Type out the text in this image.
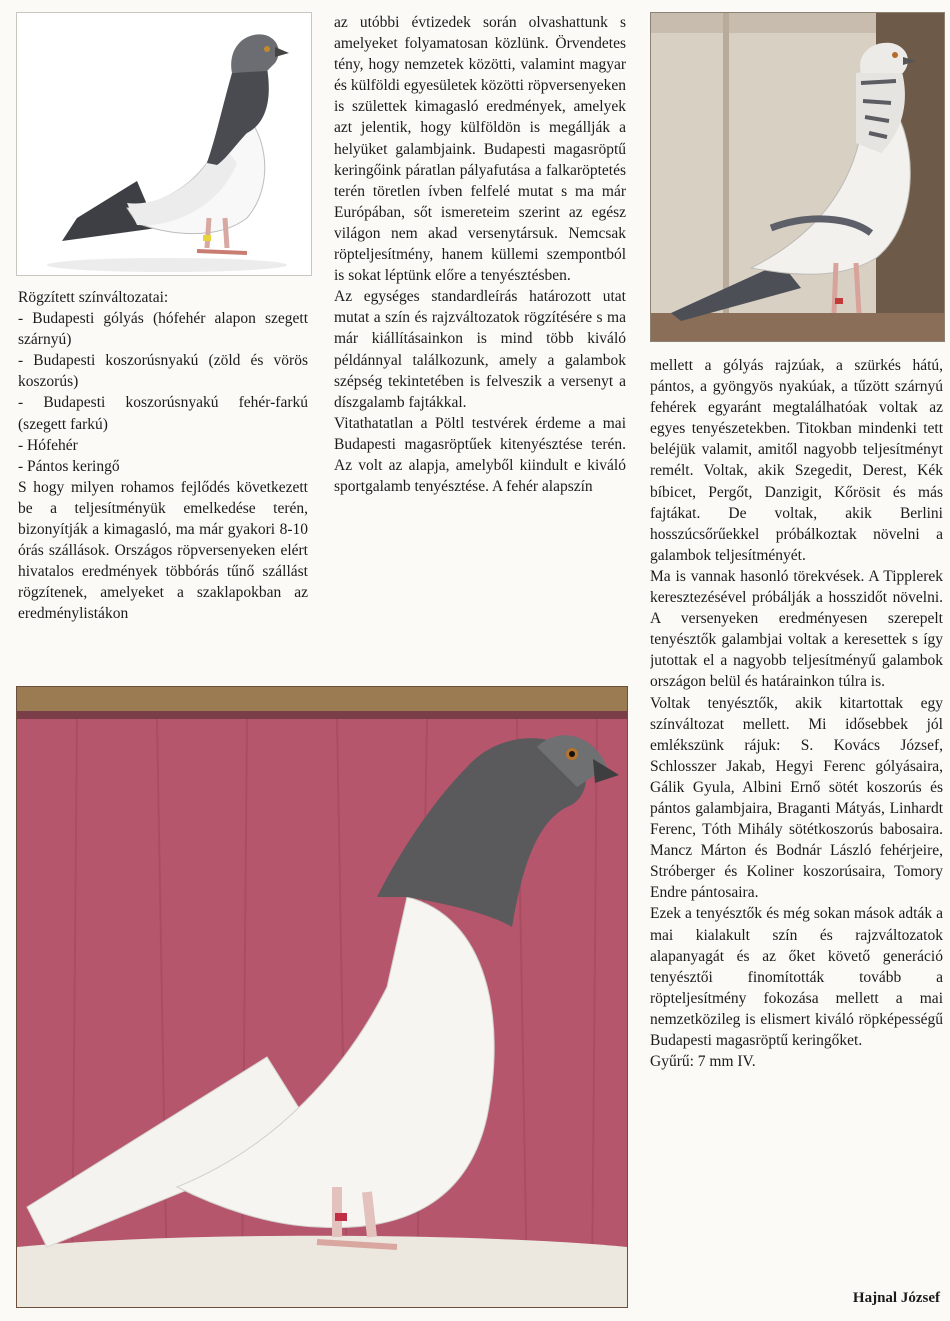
Rögzített színváltozatai:

- Budapesti gólyás (hófehér alapon szegett szárnyú)

- Budapesti koszorúsnyakú (zöld és vörös koszorús)

- Budapesti koszorúsnyakú fehér-farkú (szegett farkú)

- Hófehér

- Pántos keringő

S hogy milyen rohamos fejlődés következett be a teljesítményük emelkedése terén, bizonyítják a kimagasló, ma már gyakori 8-10 órás szállások. Országos röpversenyeken elért hivatalos eredmények többórás tűnő szállást rögzítenek, amelyeket a szaklapokban az eredménylistákon

az utóbbi évtizedek során olvashattunk s amelyeket folyamatosan közlünk. Örvendetes tény, hogy nemzetek közötti, valamint magyar és külföldi egyesületek közötti röpversenyeken is születtek kimagasló eredmények, amelyek azt jelentik, hogy külföldön is megállják a helyüket galambjaink. Budapesti magasröptű keringőink páratlan pályafutása a falkaröptetés terén töretlen ívben felfelé mutat s ma már Európában, sőt ismereteim szerint az egész világon nem akad versenytársuk. Nemcsak röpteljesítmény, hanem küllemi szempontból is sokat léptünk előre a tenyésztésben.

Az egységes standardleírás határozott utat mutat a szín és rajzváltozatok rögzítésére s ma már kiállításainkon is mind több kiváló példánnyal találkozunk, amely a galambok szépség tekintetében is felveszik a versenyt a díszgalamb fajtákkal.

Vitathatatlan a Pöltl testvérek érdeme a mai Budapesti magasröptűek kitenyésztése terén. Az volt az alapja, amelyből kiindult e kiváló sportgalamb tenyésztése. A fehér alapszín

mellett a gólyás rajzúak, a szürkés hátú, pántos, a gyöngyös nyakúak, a tűzött szárnyú fehérek egyaránt megtalálhatóak voltak az egyes tenyészetekben. Titokban mindenki tett beléjük valamit, amitől nagyobb teljesítményt remélt. Voltak, akik Szegedit, Derest, Kék bíbicet, Pergőt, Danzigit, Kőrösit és más fajtákat. De voltak, akik Berlini hosszúcsőrűekkel próbálkoztak növelni a galambok teljesítményét.

Ma is vannak hasonló törekvések. A Tipplerek keresztezésével próbálják a hosszidőt növelni. A versenyeken eredményesen szerepelt tenyésztők galambjai voltak a keresettek s így jutottak el a nagyobb teljesítményű galambok országon belül és határainkon túlra is.

Voltak tenyésztők, akik kitartottak egy színváltozat mellett. Mi idősebbek jól emlékszünk rájuk: S. Kovács József, Schlosszer Jakab, Hegyi Ferenc gólyásaira, Gálik Gyula, Albini Ernő sötét koszorús és pántos galambjaira, Braganti Mátyás, Linhardt Ferenc, Tóth Mihály sötétkoszorús babosaira. Mancz Márton és Bodnár László fehérjeire, Stróberger és Koliner koszorúsaira, Tomory Endre pántosaira.

Ezek a tenyésztők és még sokan mások adták a mai kialakult szín és rajzváltozatok alapanyagát és az őket követő generáció tenyésztői finomították tovább a röpteljesítmény fokozása mellett a mai nemzetközileg is elismert kiváló röpképességű Budapesti magasröptű keringőket.

Gyűrű: 7 mm IV.

Hajnal József
